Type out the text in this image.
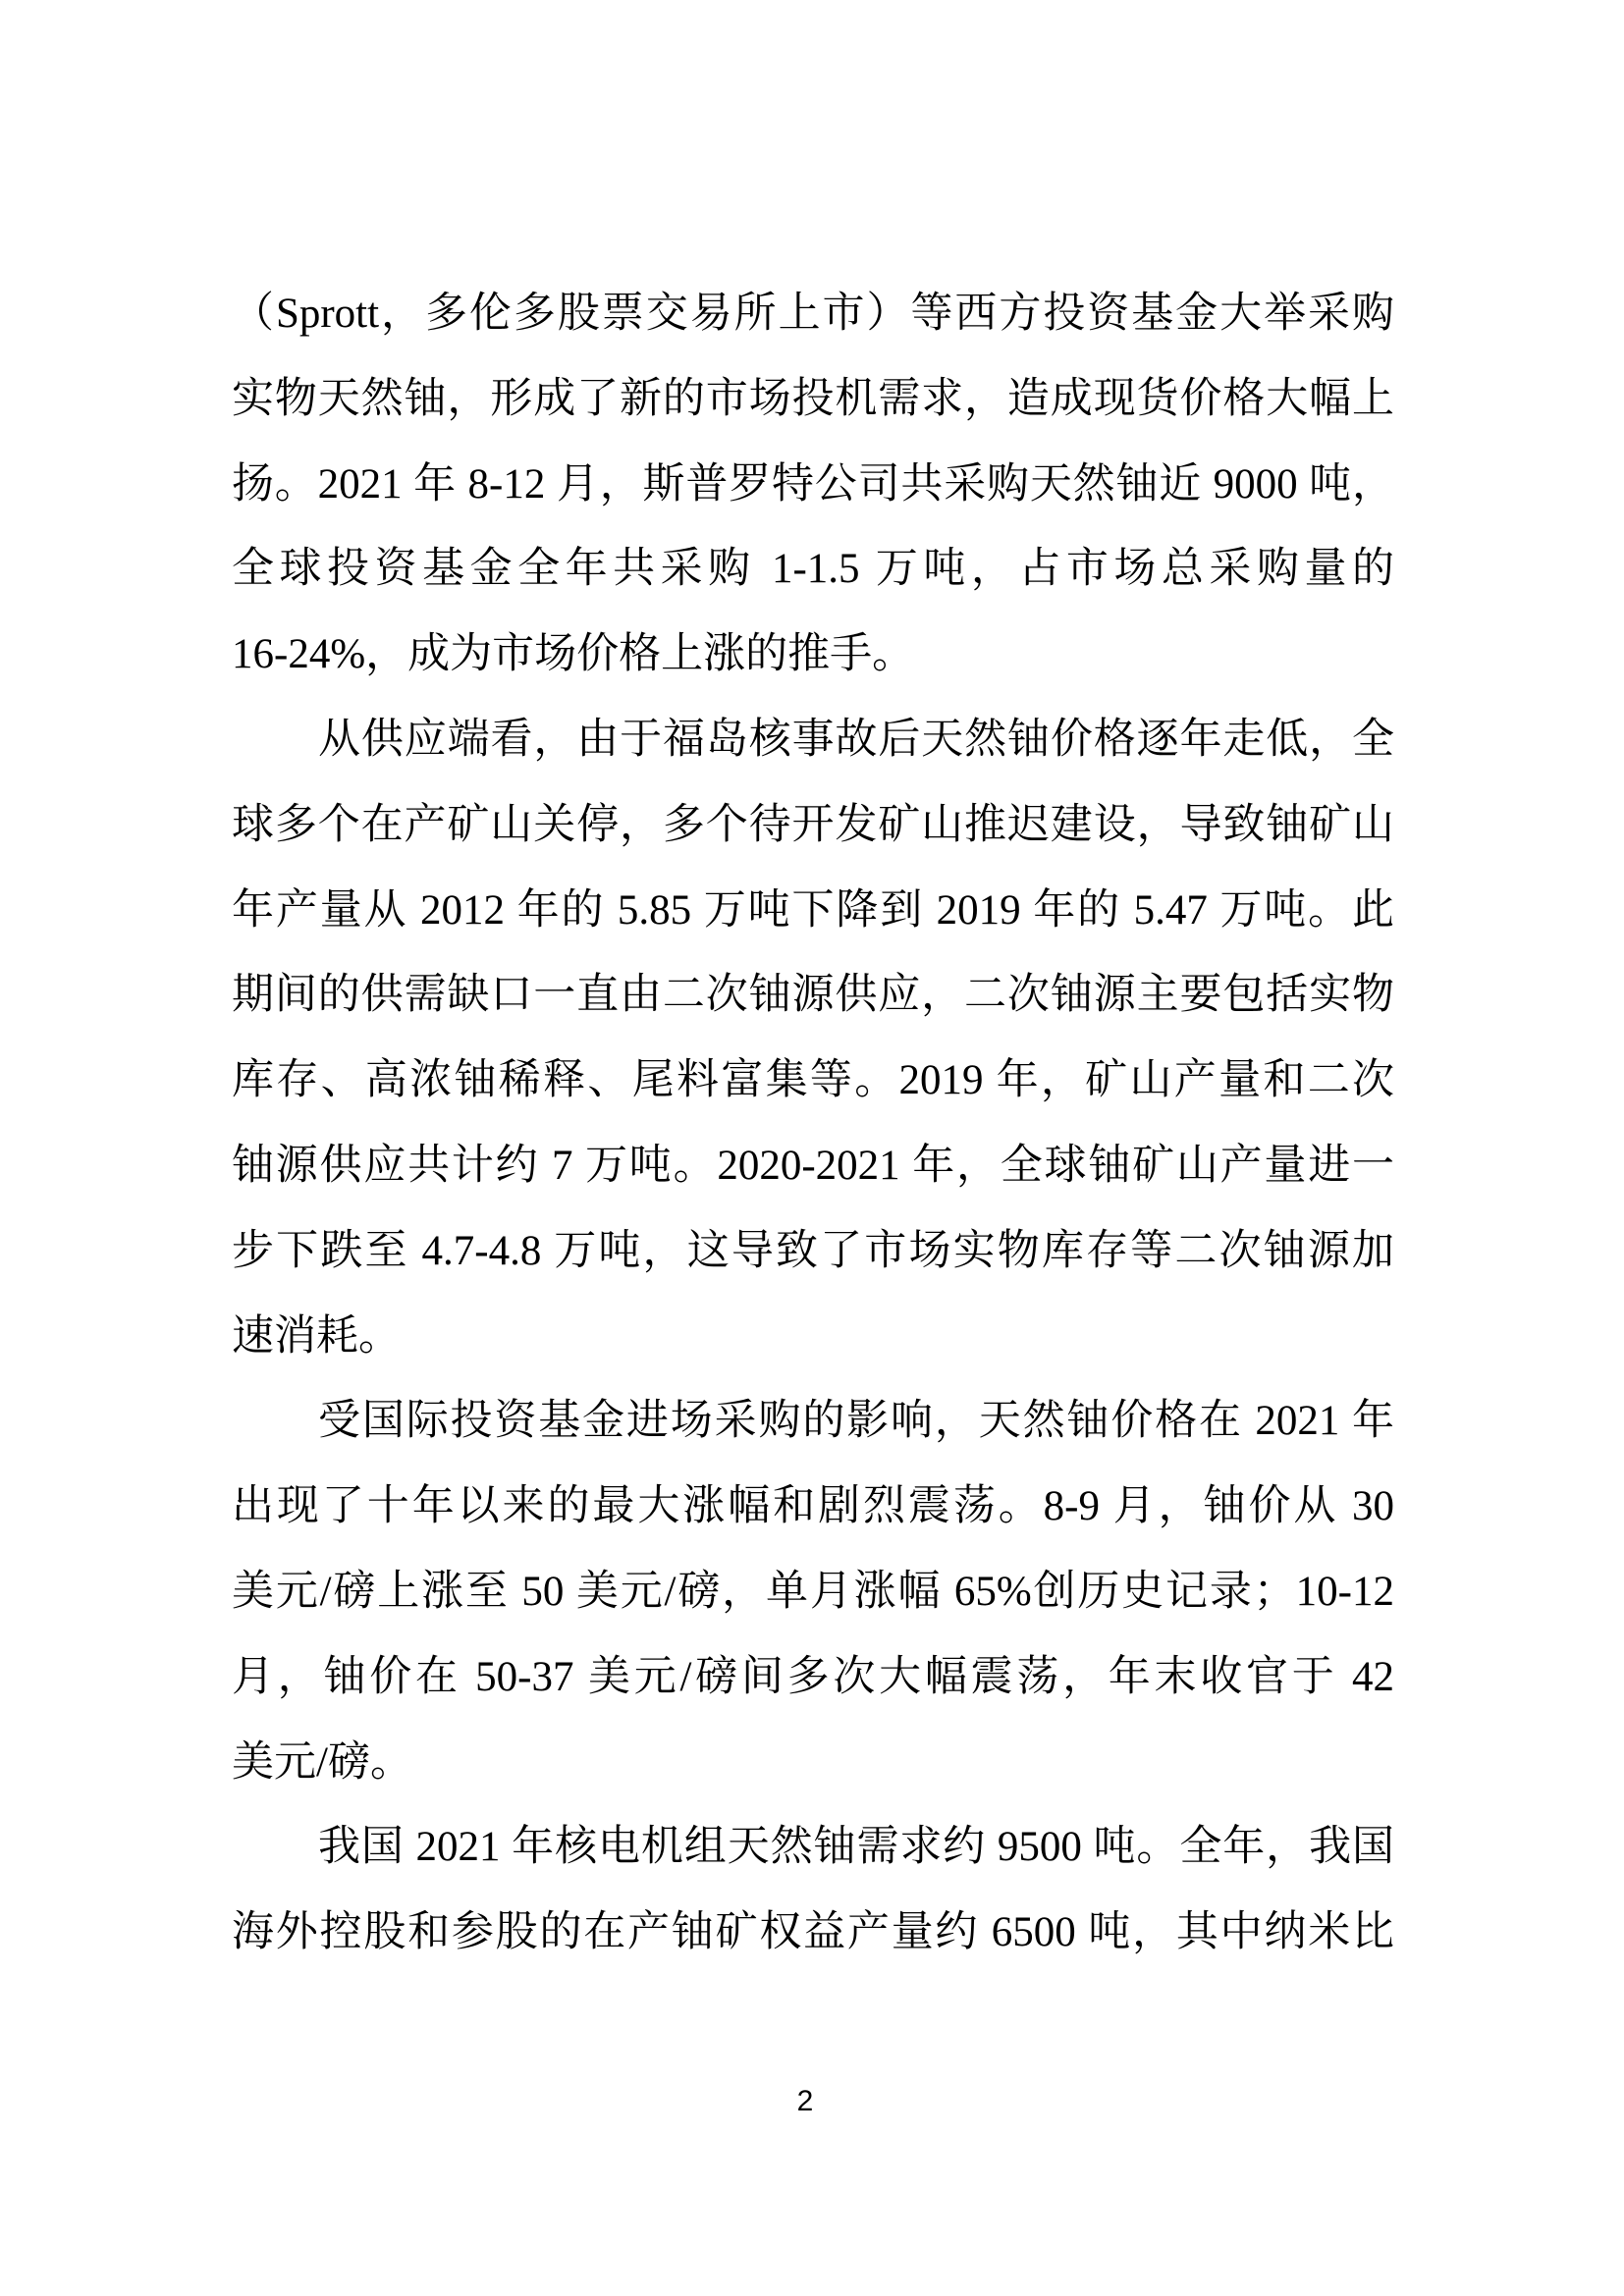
（Sprott，多伦多股票交易所上市）等西方投资基金大举采购
实物天然铀，形成了新的市场投机需求，造成现货价格大幅上
扬。2021 年 8-12 月，斯普罗特公司共采购天然铀近 9000 吨，
全球投资基金全年共采购 1-1.5 万吨，占市场总采购量的
16-24%，成为市场价格上涨的推手。
从供应端看，由于福岛核事故后天然铀价格逐年走低，全
球多个在产矿山关停，多个待开发矿山推迟建设，导致铀矿山
年产量从 2012 年的 5.85 万吨下降到 2019 年的 5.47 万吨。此
期间的供需缺口一直由二次铀源供应，二次铀源主要包括实物
库存、高浓铀稀释、尾料富集等。2019 年，矿山产量和二次
铀源供应共计约 7 万吨。2020-2021 年，全球铀矿山产量进一
步下跌至 4.7-4.8 万吨，这导致了市场实物库存等二次铀源加
速消耗。
受国际投资基金进场采购的影响，天然铀价格在 2021 年
出现了十年以来的最大涨幅和剧烈震荡。8-9 月，铀价从 30
美元/磅上涨至 50 美元/磅，单月涨幅 65%创历史记录；10-12
月，铀价在 50-37 美元/磅间多次大幅震荡，年末收官于 42
美元/磅。
我国 2021 年核电机组天然铀需求约 9500 吨。全年，我国
海外控股和参股的在产铀矿权益产量约 6500 吨，其中纳米比
2
